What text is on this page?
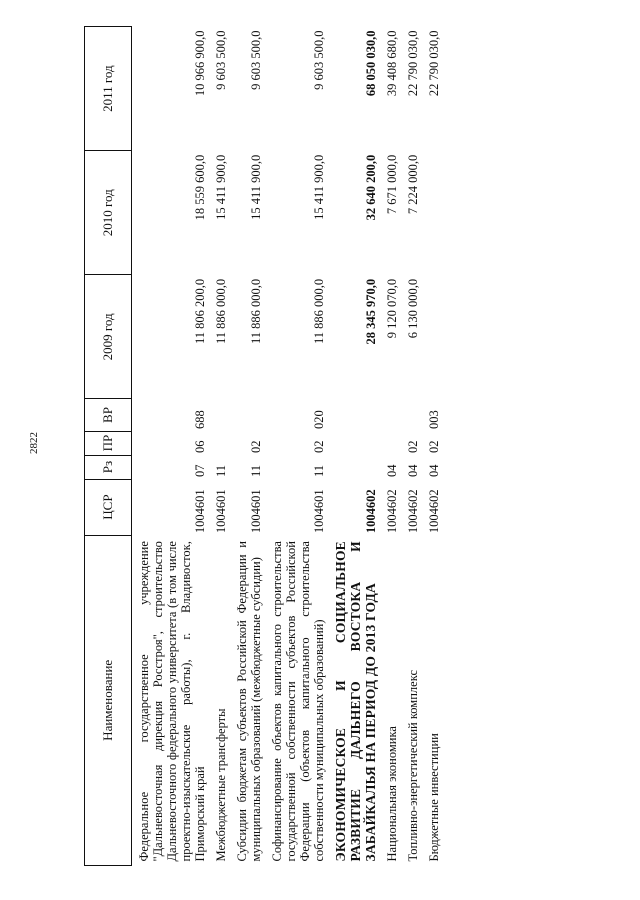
2822
Наименование	ЦСР	Рз	ПР	ВР	2009 год	2010 год	2011 год
Федеральное государственное учреждение "Дальневосточная дирекция Росстроя", строительство Дальневосточного федерального университета (в том числе проектно-изыскательские работы), г. Владивосток, Приморский край	1004601	07	06	688	11 806 200,0	18 559 600,0	10 966 900,0
Межбюджетные трансферты	1004601	11			11 886 000,0	15 411 900,0	9 603 500,0
Субсидии бюджетам субъектов Российской Федерации и муниципальных образований (межбюджетные субсидии)	1004601	11	02		11 886 000,0	15 411 900,0	9 603 500,0
Софинансирование объектов капитального строительства государственной собственности субъектов Российской Федерации (объектов капитального строительства собственности муниципальных образований)	1004601	11	02	020	11 886 000,0	15 411 900,0	9 603 500,0
ЭКОНОМИЧЕСКОЕ И СОЦИАЛЬНОЕ РАЗВИТИЕ ДАЛЬНЕГО ВОСТОКА И ЗАБАЙКАЛЬЯ НА ПЕРИОД ДО 2013 ГОДА	1004602				28 345 970,0	32 640 200,0	68 050 030,0
Национальная экономика	1004602	04			9 120 070,0	7 671 000,0	39 408 680,0
Топливно-энергетический комплекс	1004602	04	02		6 130 000,0	7 224 000,0	22 790 030,0
Бюджетные инвестиции	1004602	04	02	003			22 790 030,0
